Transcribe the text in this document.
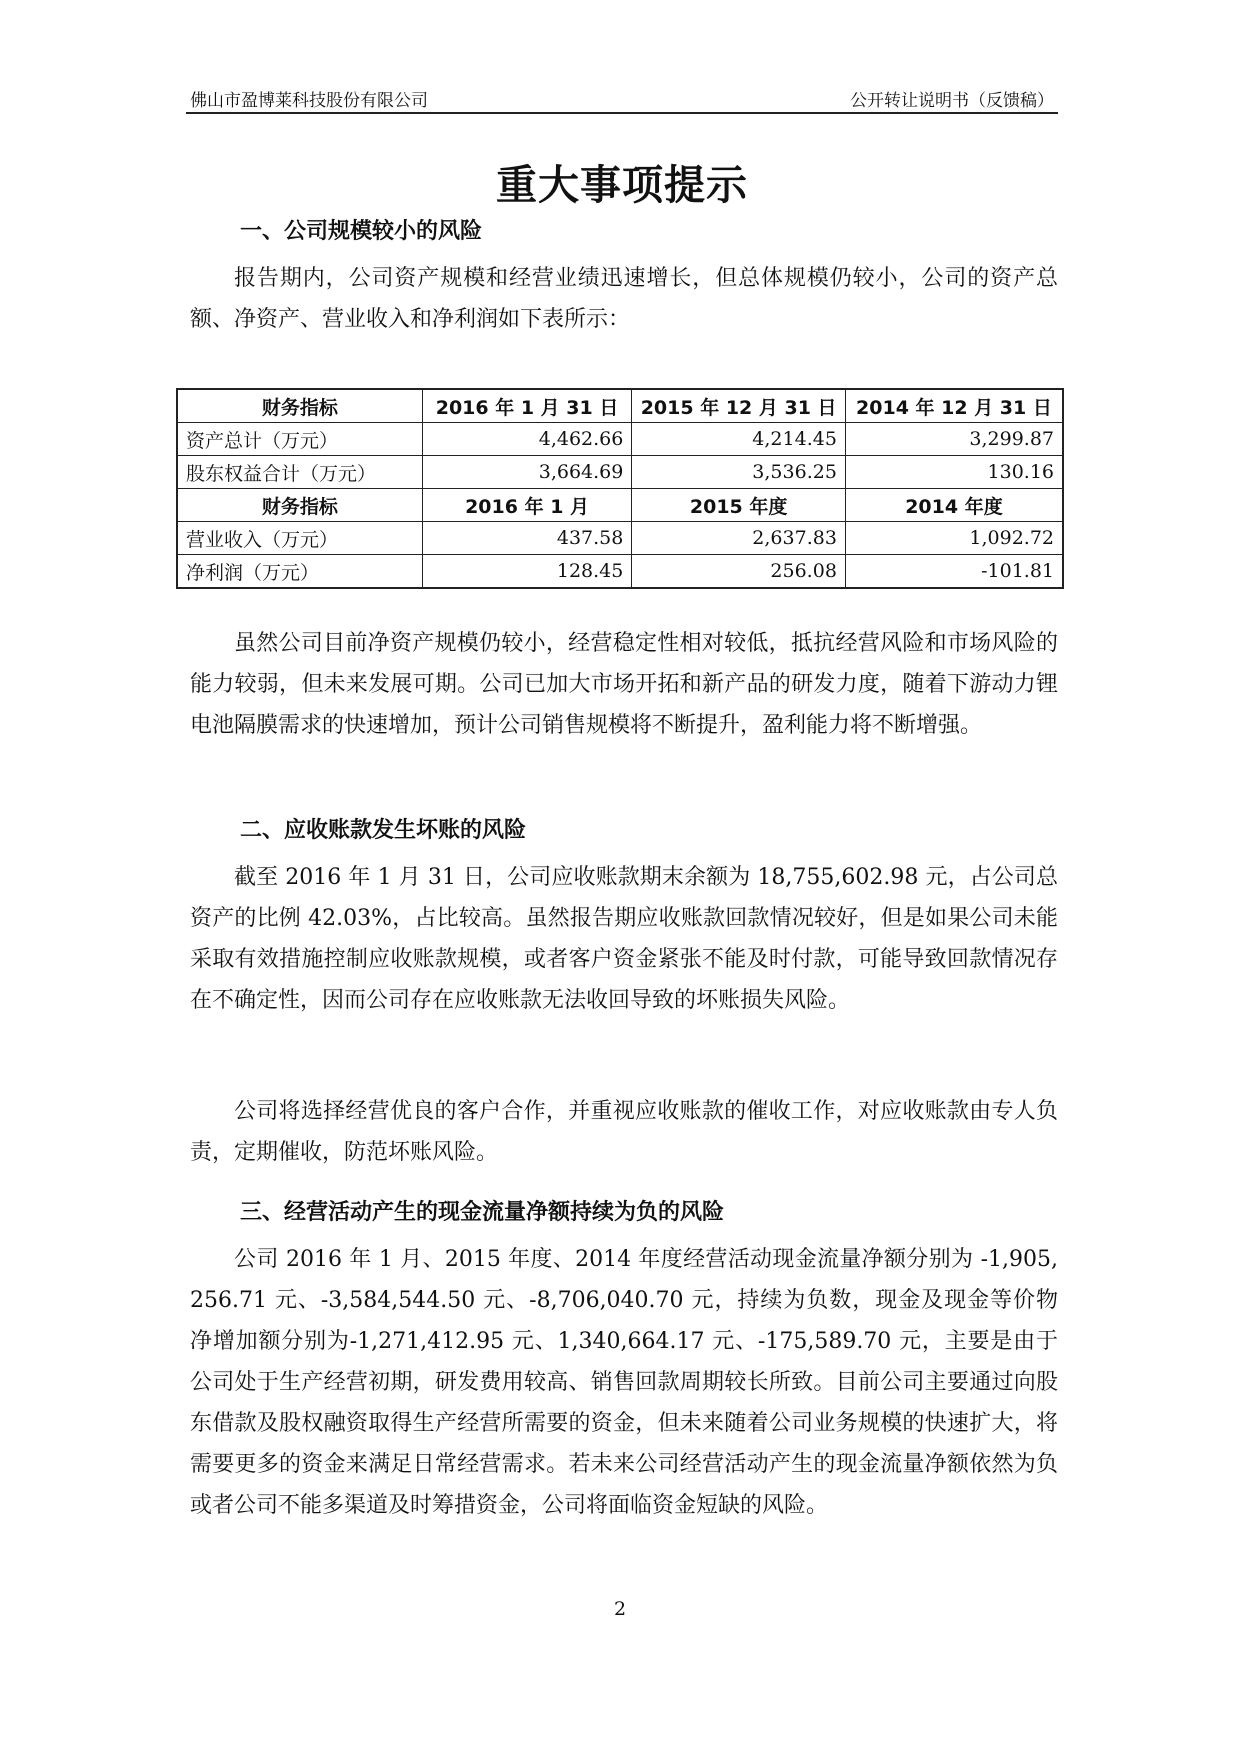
佛山市盈博莱科技股份有限公司	公开转让说明书（反馈稿）
重大事项提示
一、公司规模较小的风险

报告期内，公司资产规模和经营业绩迅速增长，但总体规模仍较小，公司的资产总额、净资产、营业收入和净利润如下表所示：

财务指标	2016 年 1 月 31 日	2015 年 12 月 31 日	2014 年 12 月 31 日
资产总计（万元）	4,462.66	4,214.45	3,299.87
股东权益合计（万元）	3,664.69	3,536.25	130.16
财务指标	2016 年 1 月	2015 年度	2014 年度
营业收入（万元）	437.58	2,637.83	1,092.72
净利润（万元）	128.45	256.08	-101.81

虽然公司目前净资产规模仍较小，经营稳定性相对较低，抵抗经营风险和市场风险的能力较弱，但未来发展可期。公司已加大市场开拓和新产品的研发力度，随着下游动力锂电池隔膜需求的快速增加，预计公司销售规模将不断提升，盈利能力将不断增强。

二、应收账款发生坏账的风险

截至 2016 年 1 月 31 日，公司应收账款期末余额为 18,755,602.98 元，占公司总资产的比例 42.03%，占比较高。虽然报告期应收账款回款情况较好，但是如果公司未能采取有效措施控制应收账款规模，或者客户资金紧张不能及时付款，可能导致回款情况存在不确定性，因而公司存在应收账款无法收回导致的坏账损失风险。

公司将选择经营优良的客户合作，并重视应收账款的催收工作，对应收账款由专人负责，定期催收，防范坏账风险。

三、经营活动产生的现金流量净额持续为负的风险

公司 2016 年 1 月、2015 年度、2014 年度经营活动现金流量净额分别为 -1,905,256.71 元、-3,584,544.50 元、-8,706,040.70 元，持续为负数，现金及现金等价物净增加额分别为-1,271,412.95 元、1,340,664.17 元、-175,589.70 元，主要是由于公司处于生产经营初期，研发费用较高、销售回款周期较长所致。目前公司主要通过向股东借款及股权融资取得生产经营所需要的资金，但未来随着公司业务规模的快速扩大，将需要更多的资金来满足日常经营需求。若未来公司经营活动产生的现金流量净额依然为负或者公司不能多渠道及时筹措资金，公司将面临资金短缺的风险。

2
